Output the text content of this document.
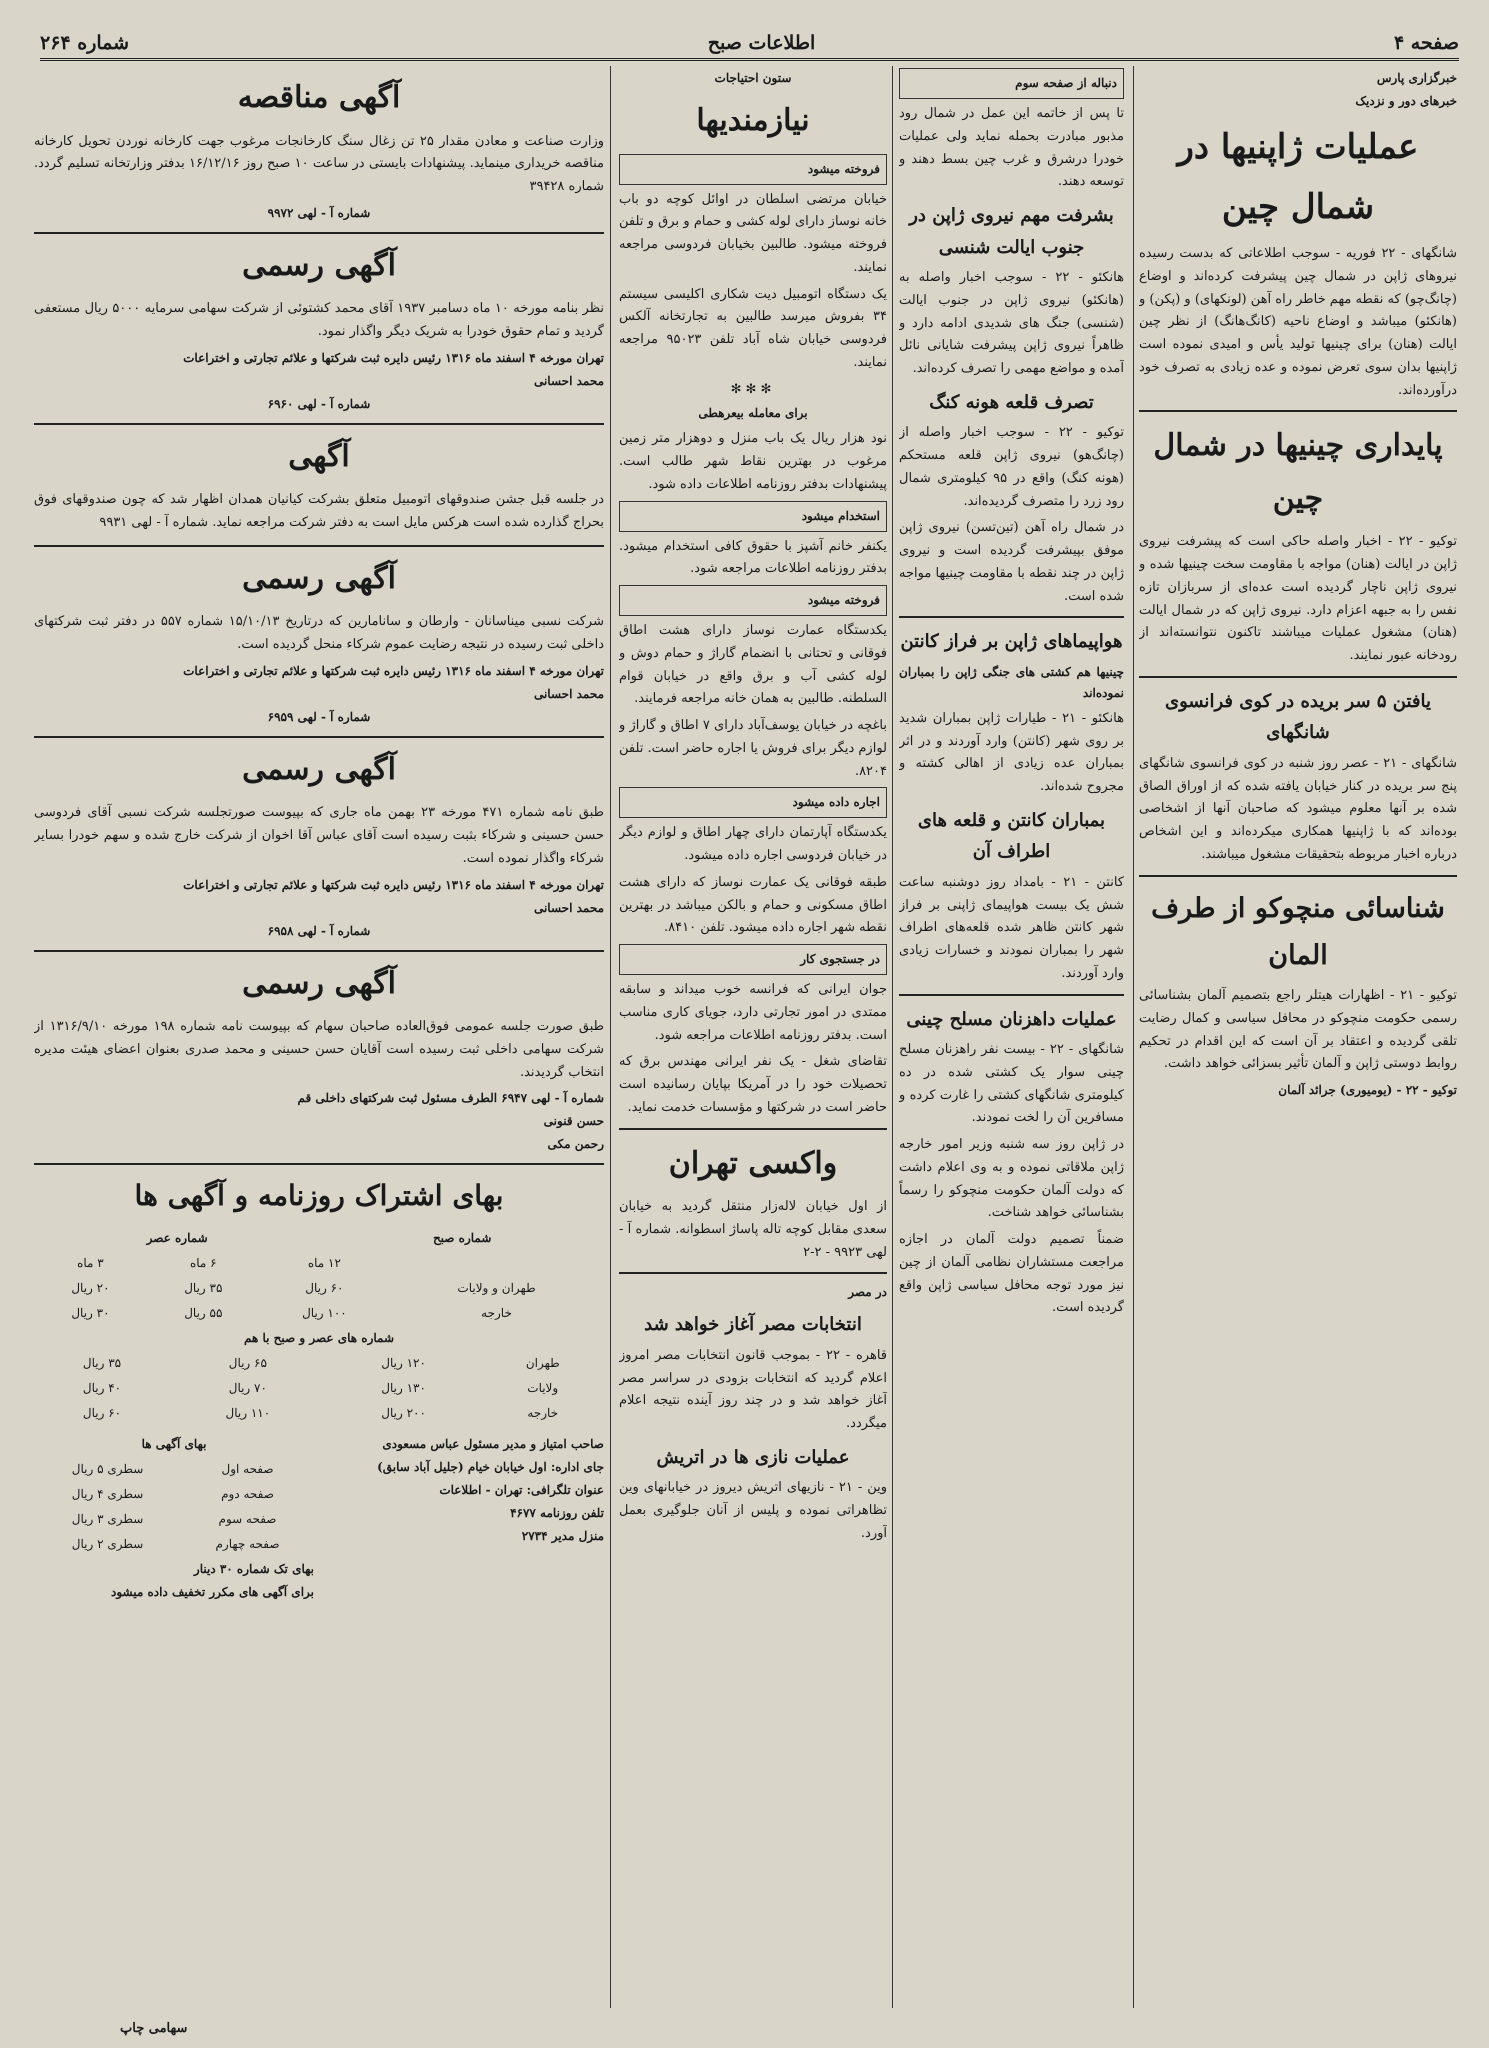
صفحه ۴
اطلاعات صبح
شماره ۲۶۴
خبرگزاری پارس
خبرهای دور و نزدیک
عملیات ژاپنیها در شمال چین

شانگهای - ۲۲ فوریه - سوجب اطلاعاتی که بدست رسیده نیروهای ژاپن در شمال چین پیشرفت کرده‌اند و اوضاع (چانگ‌چو) که نقطه مهم خاطر راه آهن (لونکهای) و (پکن) و (هانکئو) میباشد و اوضاع ناحیه (کانگ‌هانگ) از نظر چین ایالت (هنان) برای چینیها تولید یأس و امیدی نموده است ژاپنیها بدان سوی تعرض نموده و عده زیادی به تصرف خود درآورده‌اند.

پایداری چینیها در شمال چین

توکیو - ۲۲ - اخبار واصله حاکی است که پیشرفت نیروی ژاپن در ایالت (هنان) مواجه با مقاومت سخت چینیها شده و نیروی ژاپن ناچار گردیده است عده‌ای از سربازان تازه نفس را به جبهه اعزام دارد. نیروی ژاپن که در شمال ایالت (هنان) مشغول عملیات میباشند تاکنون نتوانسته‌اند از رودخانه عبور نمایند.

یافتن ۵ سر بریده در کوی فرانسوی شانگهای

شانگهای - ۲۱ - عصر روز شنبه در کوی فرانسوی شانگهای پنج سر بریده در کنار خیابان یافته شده که از اوراق الصاق شده بر آنها معلوم میشود که صاحبان آنها از اشخاصی بوده‌اند که با ژاپنیها همکاری میکرده‌اند و این اشخاص درباره اخبار مربوطه بتحقیقات مشغول میباشند.

شناسائی منچوکو از طرف المان

توکیو - ۲۱ - اظهارات هیتلر راجع بتصمیم آلمان بشناسائی رسمی حکومت منچوکو در محافل سیاسی و کمال رضایت تلقی گردیده و اعتقاد بر آن است که این اقدام در تحکیم روابط دوستی ژاپن و آلمان تأثیر بسزائی خواهد داشت.

توکیو - ۲۲ - (یومیوری) جرائد آلمان

دنباله از صفحه سوم

تا پس از خاتمه این عمل در شمال رود مذبور مبادرت بحمله نماید ولی عملیات خودرا درشرق و غرب چین بسط دهند و توسعه دهند.

بشرفت مهم نیروی ژاپن در جنوب ایالت شنسی

هانکئو - ۲۲ - سوجب اخبار واصله به (هانکئو) نیروی ژاپن در جنوب ایالت (شنسی) جنگ های شدیدی ادامه دارد و ظاهراً نیروی ژاپن پیشرفت شایانی نائل آمده و مواضع مهمی را تصرف کرده‌اند.

تصرف قلعه هونه کنگ

توکیو - ۲۲ - سوجب اخبار واصله از (چانگ‌هو) نیروی ژاپن قلعه مستحکم (هونه کنگ) واقع در ۹۵ کیلومتری شمال رود زرد را متصرف گردیده‌اند.

در شمال راه آهن (تین‌تسن) نیروی ژاپن موفق بپیشرفت گردیده است و نیروی ژاپن در چند نقطه با مقاومت چینیها مواجه شده است.

هواپیماهای ژاپن بر فراز کانتن

چینیها هم کشتی های جنگی ژاپن را بمباران نموده‌اند

هانکئو - ۲۱ - طیارات ژاپن بمباران شدید بر روی شهر (کانتن) وارد آوردند و در اثر بمباران عده زیادی از اهالی کشته و مجروح شده‌اند.

بمباران کانتن و قلعه های اطراف آن

کانتن - ۲۱ - بامداد روز دوشنبه ساعت شش یک بیست هواپیمای ژاپنی بر فراز شهر کانتن ظاهر شده قلعه‌های اطراف شهر را بمباران نمودند و خسارات زیادی وارد آوردند.

عملیات داهزنان مسلح چینی

شانگهای - ۲۲ - بیست نفر راهزنان مسلح چینی سوار یک کشتی شده در ده کیلومتری شانگهای کشتی را غارت کرده و مسافرین آن را لخت نمودند.

در ژاپن روز سه شنبه وزیر امور خارجه ژاپن ملاقاتی نموده و به وی اعلام داشت که دولت آلمان حکومت منچوکو را رسماً بشناسائی خواهد شناخت.

ضمناً تصمیم دولت آلمان در اجازه مراجعت مستشاران نظامی آلمان از چین نیز مورد توجه محافل سیاسی ژاپن واقع گردیده است.

ستون احتیاجات
نیازمندیها
فروخته میشود

خیابان مرتضی اسلطان در اوائل کوچه دو باب خانه نوساز دارای لوله کشی و حمام و برق و تلفن فروخته میشود. طالبین بخیابان فردوسی مراجعه نمایند.

یک دستگاه اتومبیل دیت شکاری اکلیسی سیستم ۳۴ بفروش میرسد طالبین به تجارتخانه آلکس فردوسی خیابان شاه آباد تلفن ۹۵۰۲۳ مراجعه نمایند.

✻✻✻
برای معامله بیعرهطی

نود هزار ریال یک باب منزل و دوهزار متر زمین مرغوب در بهترین نقاط شهر طالب است. پیشنهادات بدفتر روزنامه اطلاعات داده شود.

استخدام میشود

یکنفر خانم آشپز با حقوق کافی استخدام میشود. بدفتر روزنامه اطلاعات مراجعه شود.

فروخته میشود

یکدستگاه عمارت نوساز دارای هشت اطاق فوقانی و تحتانی با انضمام گاراژ و حمام دوش و لوله کشی آب و برق واقع در خیابان قوام السلطنه. طالبین به همان خانه مراجعه فرمایند.

باغچه در خیابان یوسف‌آباد دارای ۷ اطاق و گاراژ و لوازم دیگر برای فروش یا اجاره حاضر است. تلفن ۸۲۰۴.

اجاره داده میشود

یکدستگاه آپارتمان دارای چهار اطاق و لوازم دیگر در خیابان فردوسی اجاره داده میشود.

طبقه فوقانی یک عمارت نوساز که دارای هشت اطاق مسکونی و حمام و بالکن میباشد در بهترین نقطه شهر اجاره داده میشود. تلفن ۸۴۱۰.

در جستجوی کار

جوان ایرانی که فرانسه خوب میداند و سابقه ممتدی در امور تجارتی دارد، جویای کاری مناسب است. بدفتر روزنامه اطلاعات مراجعه شود.

تقاضای شغل - یک نفر ایرانی مهندس برق که تحصیلات خود را در آمریکا بپایان رسانیده است حاضر است در شرکتها و مؤسسات خدمت نماید.

واکسی تهران

از اول خیابان لاله‌زار منتقل گردید به خیابان سعدی مقابل کوچه تاله پاساژ اسطوانه. شماره آ - لهی ۹۹۲۳ - ۲-۲

در مصر
انتخابات مصر آغاز خواهد شد

قاهره - ۲۲ - بموجب قانون انتخابات مصر امروز اعلام گردید که انتخابات بزودی در سراسر مصر آغاز خواهد شد و در چند روز آینده نتیجه اعلام میگردد.

عملیات نازی ها در اتریش

وین - ۲۱ - نازیهای اتریش دیروز در خیابانهای وین تظاهراتی نموده و پلیس از آنان جلوگیری بعمل آورد.

آگهی مناقصه

وزارت صناعت و معادن مقدار ۲۵ تن زغال سنگ کارخانجات مرغوب جهت کارخانه نوردن تحویل کارخانه مناقصه خریداری مینماید. پیشنهادات بایستی در ساعت ۱۰ صبح روز ۱۶/۱۲/۱۶ بدفتر وزارتخانه تسلیم گردد. شماره ۳۹۴۲۸

شماره آ - لهی ۹۹۷۲

آگهی رسمی

نظر بنامه مورخه ۱۰ ماه دسامبر ۱۹۳۷ آقای محمد کشتوئی از شرکت سهامی سرمایه ۵۰۰۰ ریال مستعفی گردید و تمام حقوق خودرا به شریک دیگر واگذار نمود.

تهران مورخه ۴ اسفند ماه ۱۳۱۶ رئیس دایره ثبت شرکتها و علائم تجارتی و اختراعات

محمد احسانی

شماره آ - لهی ۶۹۶۰

آگهی

در جلسه قبل جشن صندوقهای اتومبیل متعلق بشرکت کیانیان همدان اظهار شد که چون صندوقهای فوق بحراج گذارده شده است هرکس مایل است به دفتر شرکت مراجعه نماید. شماره آ - لهی ۹۹۳۱

آگهی رسمی

شرکت نسبی میناسانان - وارطان و سانامارین که درتاریخ ۱۵/۱۰/۱۳ شماره ۵۵۷ در دفتر ثبت شرکتهای داخلی ثبت رسیده در نتیجه رضایت عموم شرکاء منحل گردیده است.

تهران مورخه ۴ اسفند ماه ۱۳۱۶ رئیس دایره ثبت شرکتها و علائم تجارتی و اختراعات

محمد احسانی

شماره آ - لهی ۶۹۵۹

آگهی رسمی

طبق نامه شماره ۴۷۱ مورخه ۲۳ بهمن ماه جاری که بپیوست صورتجلسه شرکت نسبی آقای فردوسی حسن حسینی و شرکاء بثبت رسیده است آقای عباس آقا اخوان از شرکت خارج شده و سهم خودرا بسایر شرکاء واگذار نموده است.

تهران مورخه ۴ اسفند ماه ۱۳۱۶ رئیس دایره ثبت شرکتها و علائم تجارتی و اختراعات

محمد احسانی

شماره آ - لهی ۶۹۵۸

آگهی رسمی

طبق صورت جلسه عمومی فوق‌العاده صاحبان سهام که بپیوست نامه شماره ۱۹۸ مورخه ۱۳۱۶/۹/۱۰ از شرکت سهامی داخلی ثبت رسیده است آقایان حسن حسینی و محمد صدری بعنوان اعضای هیئت مدیره انتخاب گردیدند.

شماره آ - لهی ۶۹۴۷ الطرف مسئول ثبت شرکتهای داخلی قم

حسن قنونی

رحمن مکی

بهای اشتراک روزنامه و آگهی ها
شماره صبح
شماره عصر
	۱۲ ماه	۶ ماه	۳ ماه
طهران و ولایات	۶۰ ریال	۳۵ ریال	۲۰ ریال
خارجه	۱۰۰ ریال	۵۵ ریال	۳۰ ریال
شماره های عصر و صبح با هم
طهران	۱۲۰ ریال	۶۵ ریال	۳۵ ریال
ولایات	۱۳۰ ریال	۷۰ ریال	۴۰ ریال
خارجه	۲۰۰ ریال	۱۱۰ ریال	۶۰ ریال

صاحب امتیاز و مدیر مسئول عباس مسعودی

جای اداره: اول خیابان خیام (جلیل آباد سابق)

عنوان تلگرافی: تهران - اطلاعات

تلفن روزنامه ۴۶۷۷

منزل مدیر ۲۷۳۴

بهای آگهی ها

صفحه اول	سطری ۵ ریال
صفحه دوم	سطری ۴ ریال
صفحه سوم	سطری ۳ ریال
صفحه چهارم	سطری ۲ ریال

بهای تک شماره ۳۰ دینار

برای آگهی های مکرر تخفیف داده میشود

سهامی چاپ
